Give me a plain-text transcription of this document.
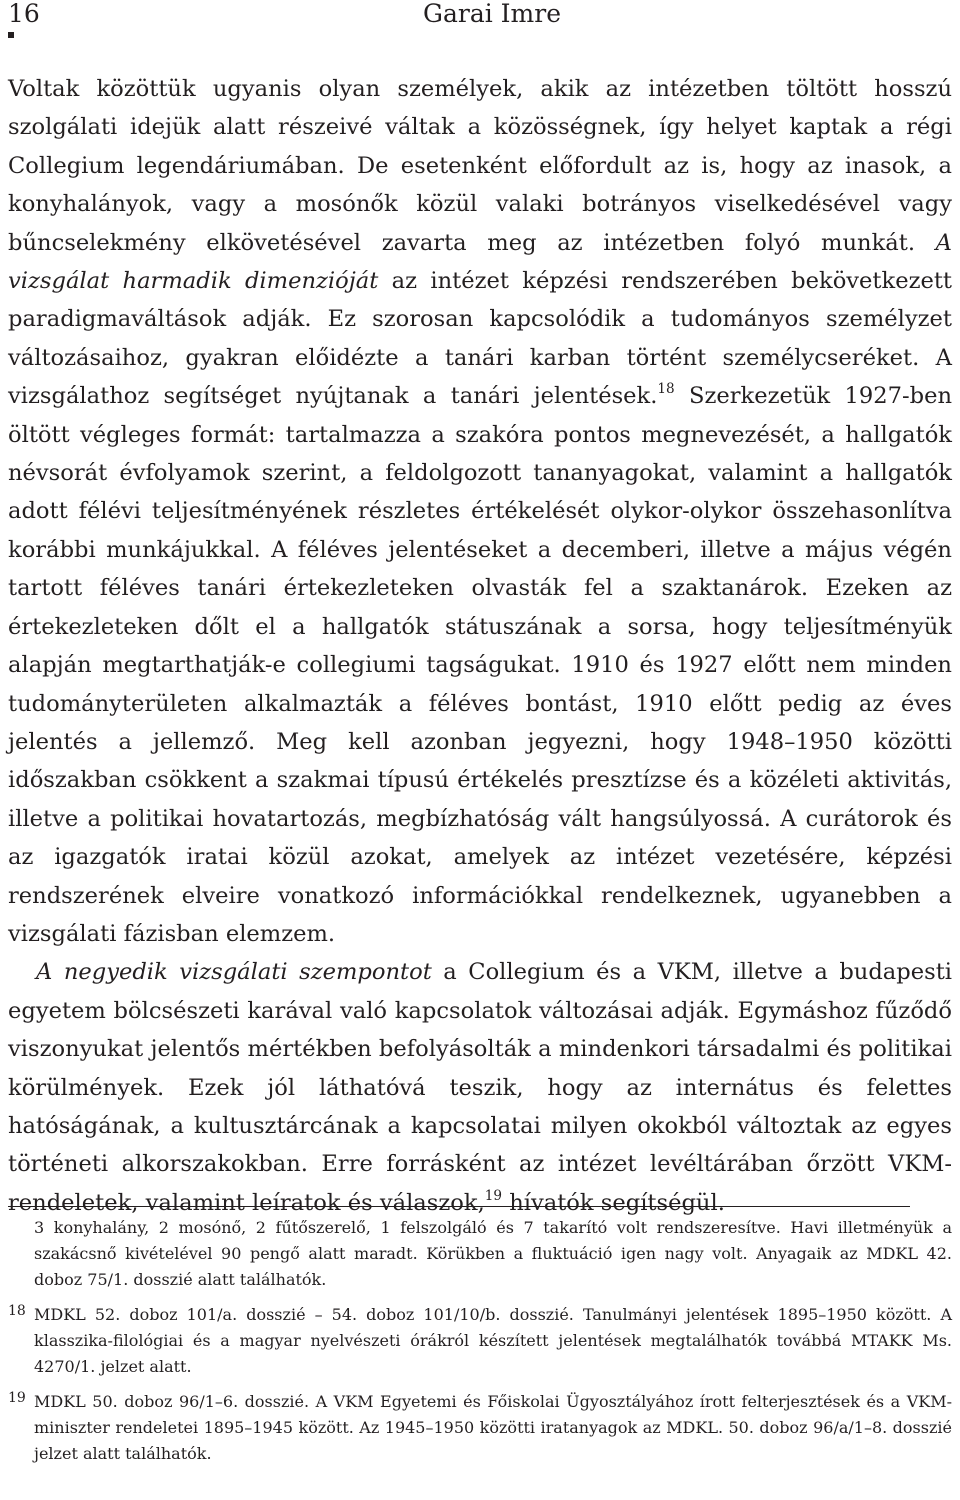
16	Garai Imre

Voltak közöttük ugyanis olyan személyek, akik az intézetben töltött hosszú szolgálati idejük alatt részeivé váltak a közösségnek, így helyet kaptak a régi Collegium legendáriumában. De esetenként előfordult az is, hogy az inasok, a konyhalányok, vagy a mosónők közül valaki botrányos viselkedésével vagy bűncselekmény elkövetésével zavarta meg az intézetben folyó munkát. A vizsgálat harmadik dimenzióját az intézet képzési rendszerében bekövetkezett paradigmaváltások adják. Ez szorosan kapcsolódik a tudományos személyzet változásaihoz, gyakran előidézte a tanári karban történt személycseréket. A vizsgálathoz segítséget nyújtanak a tanári jelentések.$^{18}$ Szerkezetük 1927-ben öltött végleges formát: tartalmazza a szakóra pontos megnevezését, a hallgatók névsorát évfolyamok szerint, a feldolgozott tananyagokat, valamint a hallgatók adott félévi teljesítményének részletes értékelését olykor-olykor összehasonlítva korábbi munkájukkal. A féléves jelentéseket a decemberi, illetve a május végén tartott féléves tanári értekezleteken olvasták fel a szaktanárok. Ezeken az értekezleteken dőlt el a hallgatók státuszának a sorsa, hogy teljesítményük alapján megtarthatják-e collegiumi tagságukat. 1910 és 1927 előtt nem minden tudományterületen alkalmazták a féléves bontást, 1910 előtt pedig az éves jelentés a jellemző. Meg kell azonban jegyezni, hogy 1948–1950 közötti időszakban csökkent a szakmai típusú értékelés presztízse és a közéleti aktivitás, illetve a politikai hovatartozás, megbízhatóság vált hangsúlyossá. A curátorok és az igazgatók iratai közül azokat, amelyek az intézet vezetésére, képzési rendszerének elveire vonatkozó információkkal rendelkeznek, ugyanebben a vizsgálati fázisban elemzem.

A negyedik vizsgálati szempontot a Collegium és a VKM, illetve a budapesti egyetem bölcsészeti karával való kapcsolatok változásai adják. Egymáshoz fűződő viszonyukat jelentős mértékben befolyásolták a mindenkori társadalmi és politikai körülmények. Ezek jól láthatóvá teszik, hogy az internátus és felettes hatóságának, a kultusztárcának a kapcsolatai milyen okokból változtak az egyes történeti alkorszakokban. Erre forrásként az intézet levéltárában őrzött VKM-rendeletek, valamint leíratok és válaszok,$^{19}$ hívatók segítségül.

3 konyhalány, 2 mosónő, 2 fűtőszerelő, 1 felszolgáló és 7 takarító volt rendszeresítve. Havi illetményük a szakácsnő kivételével 90 pengő alatt maradt. Körükben a fluktuáció igen nagy volt. Anyagaik az MDKL 42. doboz 75/1. dosszié alatt találhatók.

18 MDKL 52. doboz 101/a. dosszié – 54. doboz 101/10/b. dosszié. Tanulmányi jelentések 1895–1950 között. A klasszika-filológiai és a magyar nyelvészeti órákról készített jelentések megtalálhatók továbbá MTAKK Ms. 4270/1. jelzet alatt.

19 MDKL 50. doboz 96/1–6. dosszié. A VKM Egyetemi és Főiskolai Ügyosztályához írott felterjesztések és a VKM-miniszter rendeletei 1895–1945 között. Az 1945–1950 közötti iratanyagok az MDKL. 50. doboz 96/a/1–8. dosszié jelzet alatt találhatók.
